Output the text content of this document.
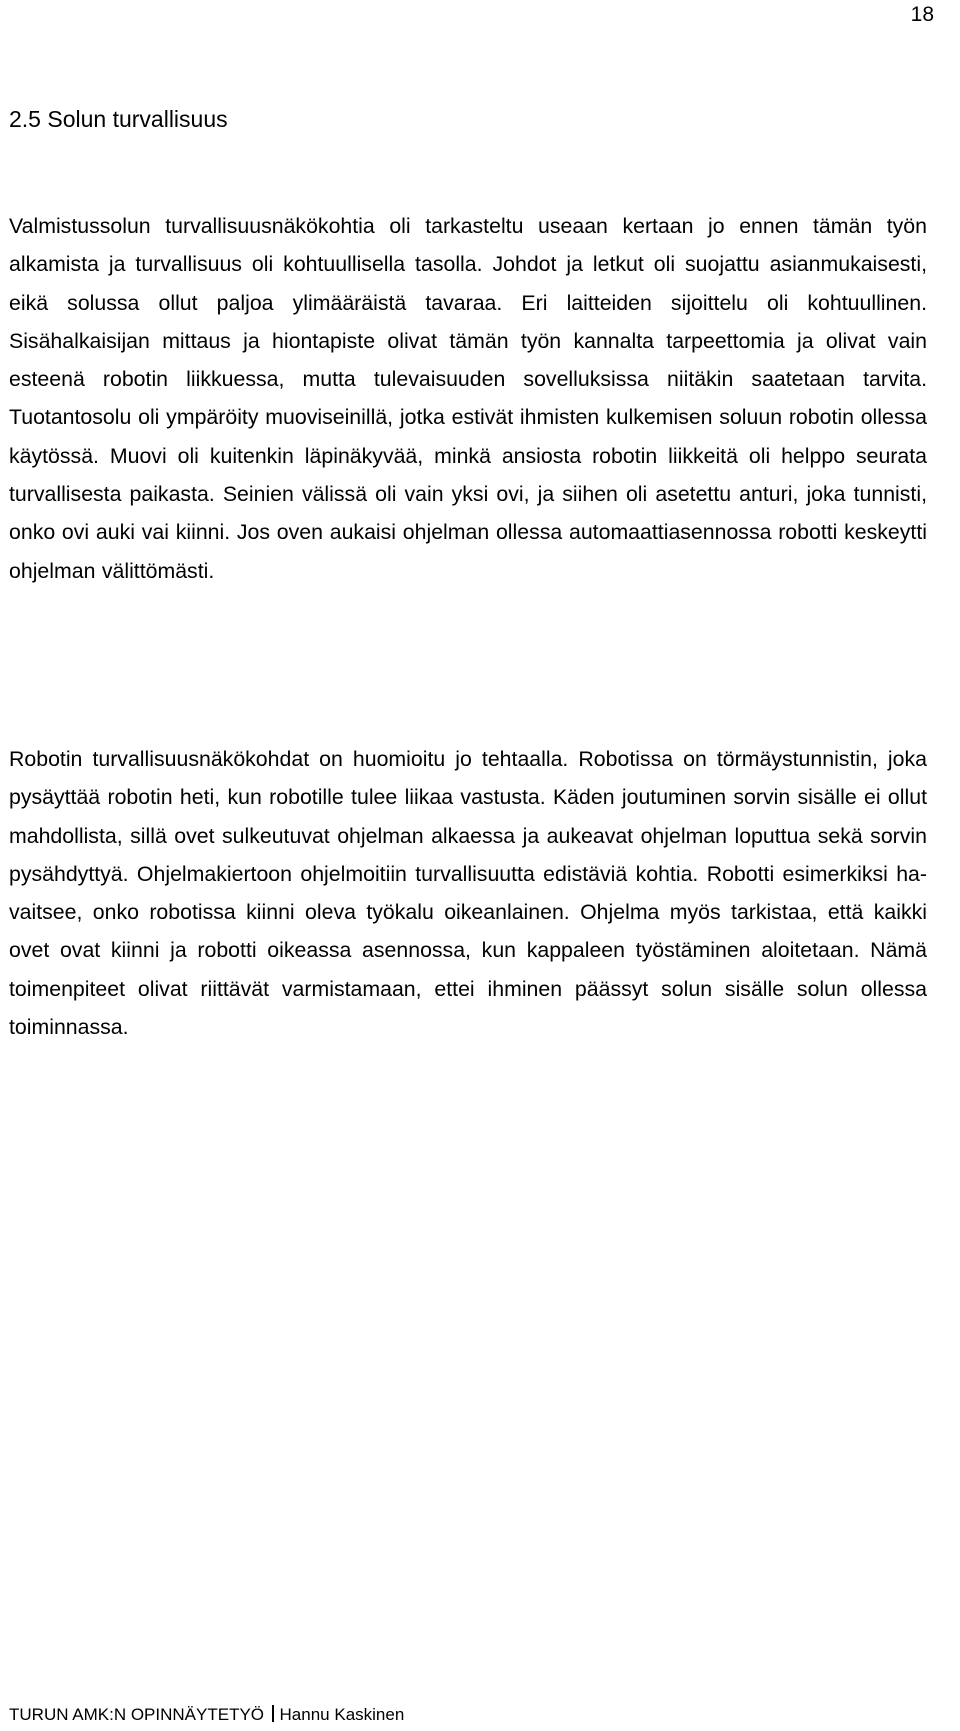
18
2.5 Solun turvallisuus

Valmistussolun turvallisuusnäkökohtia oli tarkasteltu useaan kertaan jo ennen tämän työn alkamista ja turvallisuus oli kohtuullisella tasolla. Johdot ja letkut oli suojattu asianmukaisesti, eikä solussa ollut paljoa ylimääräistä tavaraa. Eri laitteiden sijoittelu oli kohtuullinen. Sisähalkaisijan mittaus ja hiontapiste olivat tämän työn kannalta tarpeettomia ja olivat vain esteenä robotin liikkuessa, mutta tulevaisuuden sovelluksissa niitäkin saatetaan tarvita. Tuotantosolu oli ympäröity muoviseinillä, jotka estivät ihmisten kulkemisen soluun robotin ollessa käytössä. Muovi oli kuitenkin läpinäkyvää, minkä ansiosta robotin liikkeitä oli helppo seurata turvallisesta paikasta. Seinien välissä oli vain yksi ovi, ja siihen oli asetettu anturi, joka tunnisti, onko ovi auki vai kiinni. Jos oven aukaisi ohjelman ollessa automaattiasennossa robotti keskeytti ohjelman välittömästi.

Robotin turvallisuusnäkökohdat on huomioitu jo tehtaalla. Robotissa on törmäystunnistin, joka pysäyttää robotin heti, kun robotille tulee liikaa vastusta. Käden joutuminen sorvin sisälle ei ollut mahdollista, sillä ovet sulkeutuvat ohjelman alkaessa ja aukeavat ohjelman loputtua sekä sorvin pysähdyttyä. Ohjelmakiertoon ohjelmoitiin turvallisuutta edistäviä kohtia. Robotti esimerkiksi havaitsee, onko robotissa kiinni oleva työkalu oikeanlainen. Ohjelma myös tarkistaa, että kaikki ovet ovat kiinni ja robotti oikeassa asennossa, kun kappaleen työstäminen aloitetaan. Nämä toimenpiteet olivat riittävät varmistamaan, ettei ihminen päässyt solun sisälle solun ollessa toiminnassa.

TURUN AMK:N OPINNÄYTETYÖ Hannu Kaskinen
